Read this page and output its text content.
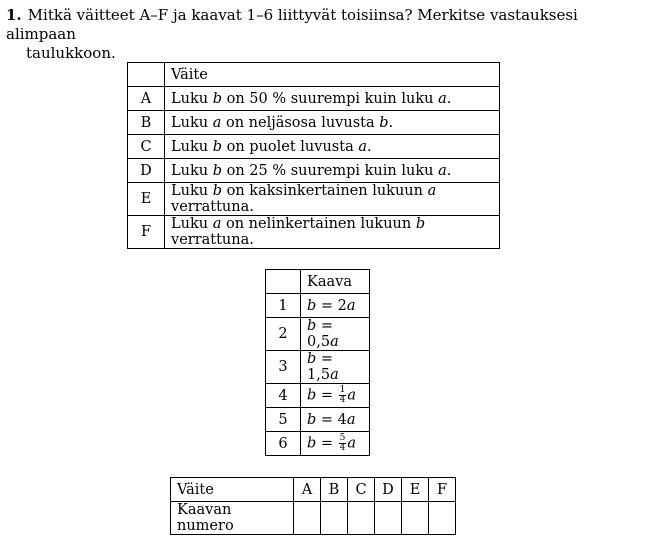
1. Mitkä väitteet A–F ja kaavat 1–6 liittyvät toisiinsa? Merkitse vastauksesi alimpaan
taulukkoon.
	Väite
A	Luku b on 50 % suurempi kuin luku a.
B	Luku a on neljäsosa luvusta b.
C	Luku b on puolet luvusta a.
D	Luku b on 25 % suurempi kuin luku a.
E	Luku b on kaksinkertainen lukuun a verrattuna.
F	Luku a on nelinkertainen lukuun b verrattuna.
	Kaava
1	b = 2a
2	b = 0,5a
3	b = 1,5a
4	$b = \frac{1}{4}$ a
5	b = 4a
6	$b = \frac{5}{4}$ a
Väite	A	B	C	D	E	F
Kaavan numero						
